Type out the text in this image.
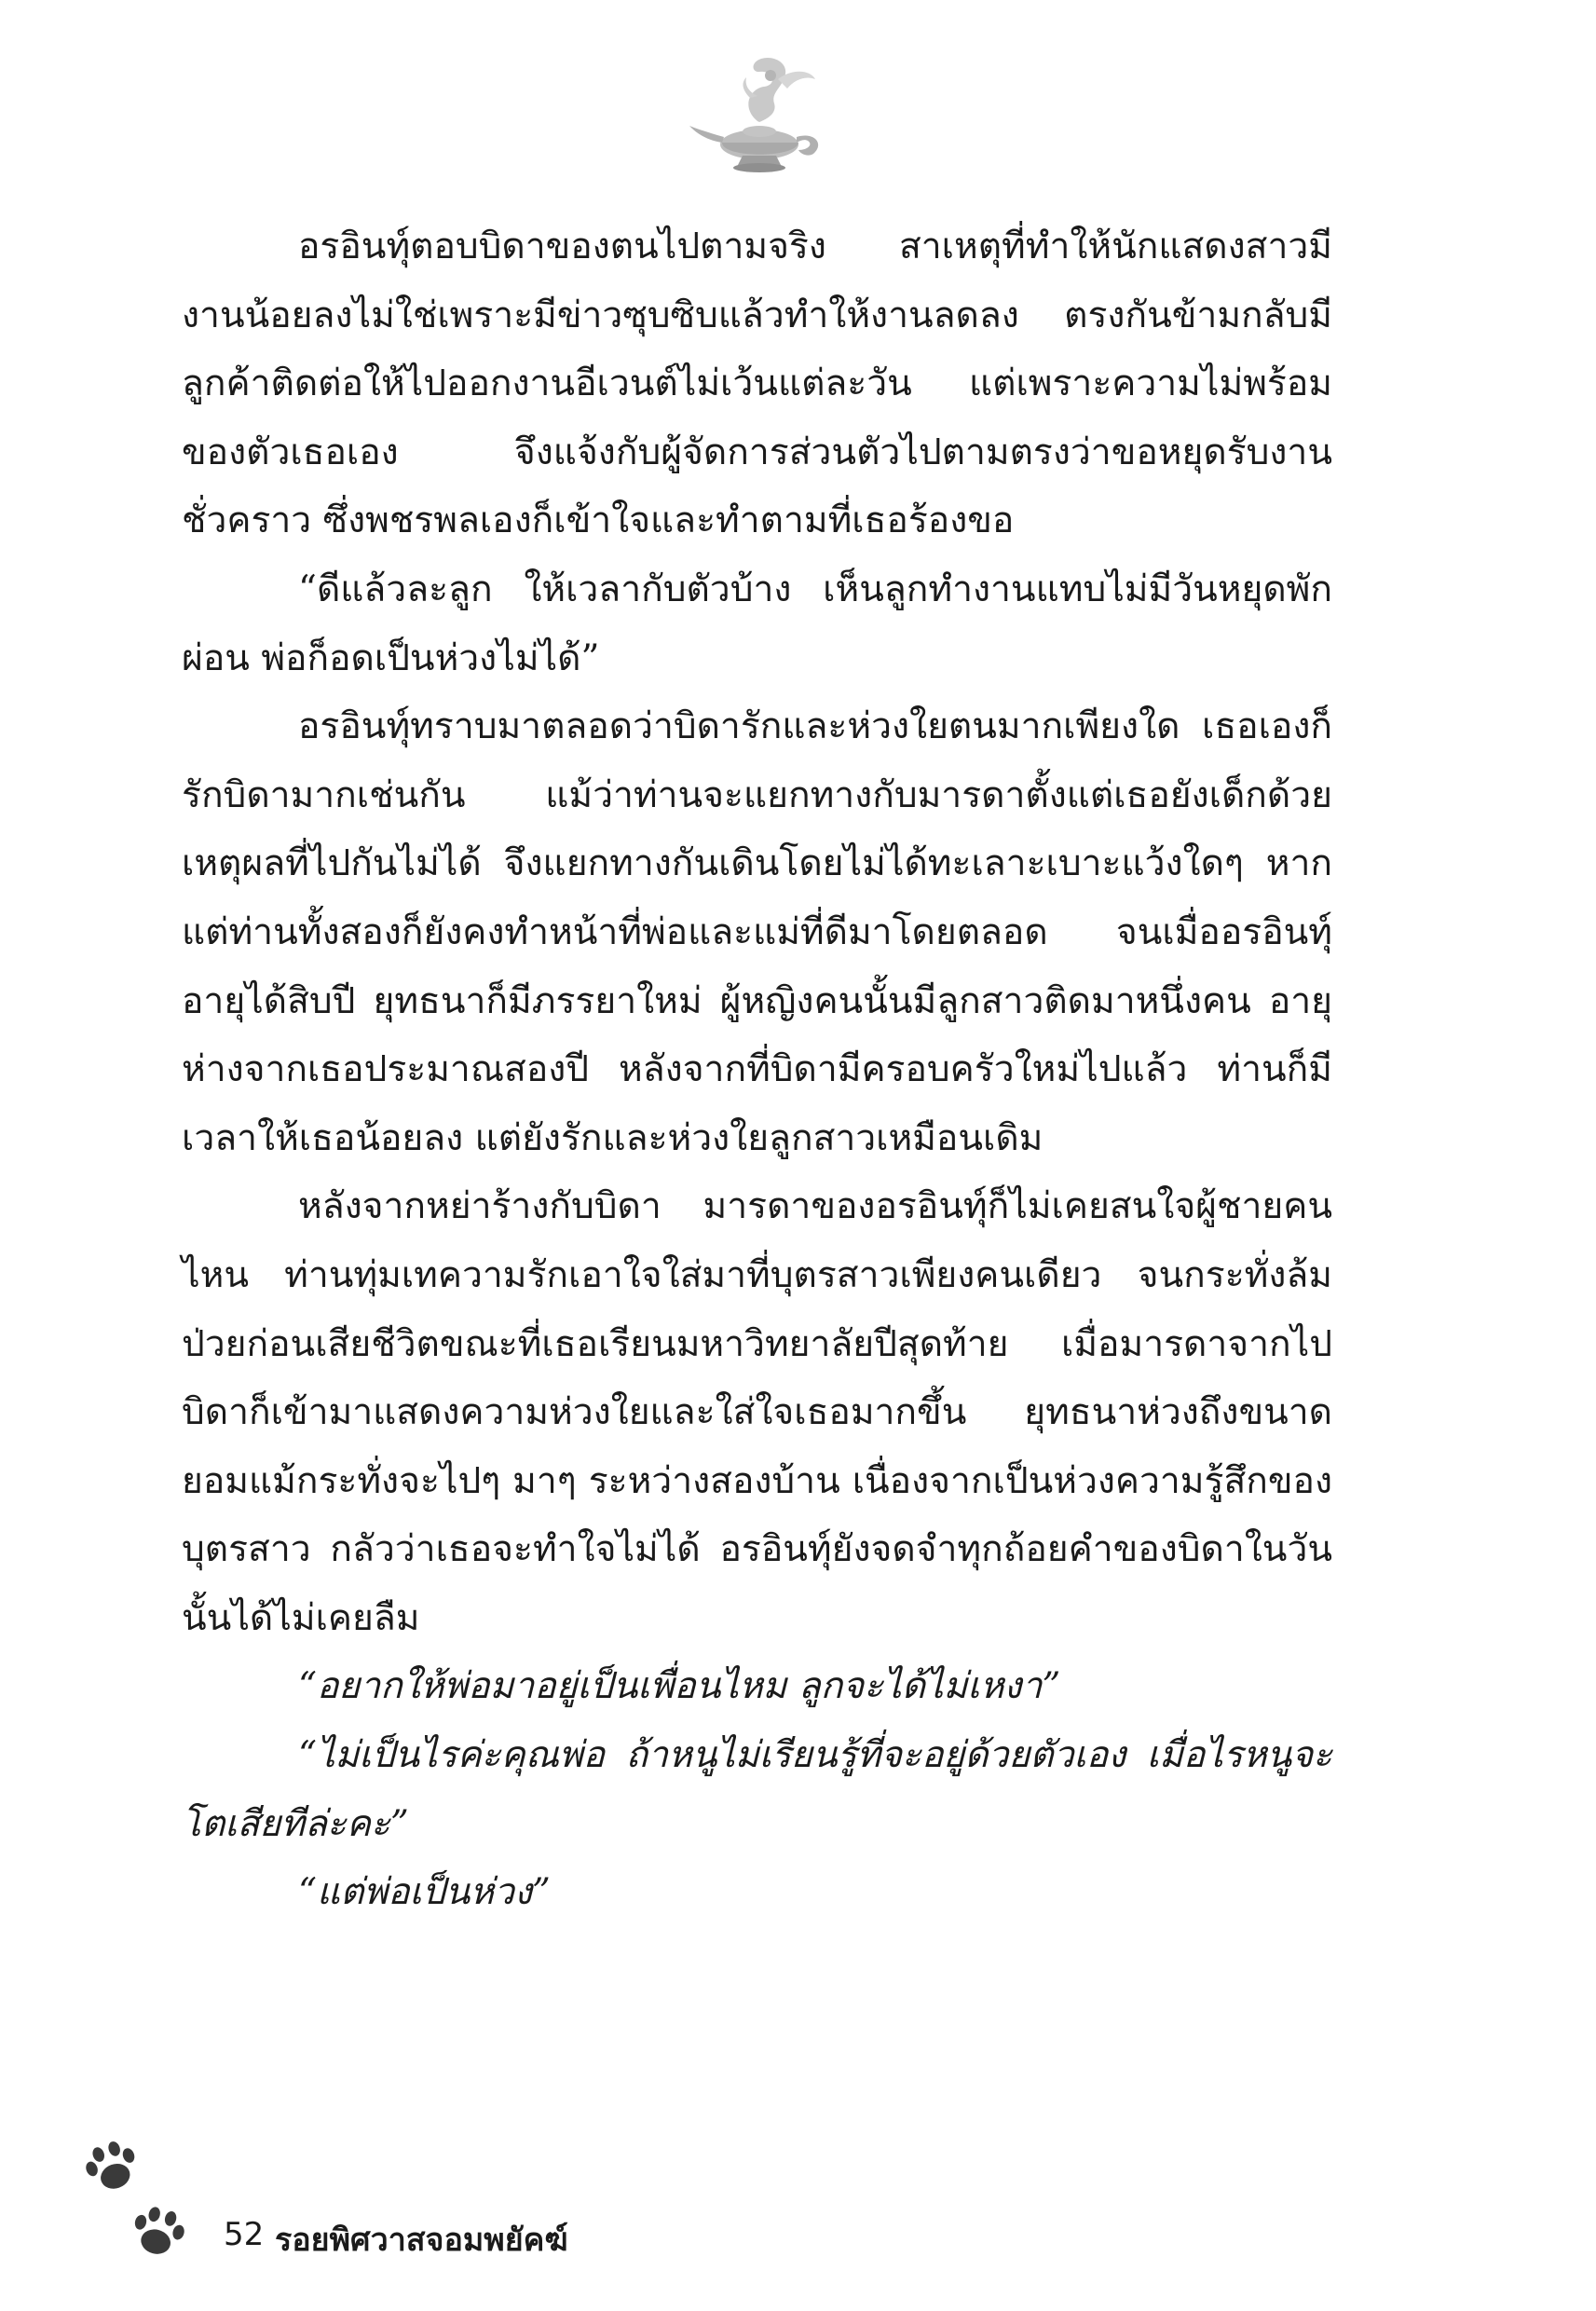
อรอินทุ์ตอบบิดาของตนไปตามจริง สาเหตุที่ทำให้นักแสดงสาวมีงานน้อยลงไม่ใช่เพราะมีข่าวซุบซิบแล้วทำให้งานลดลง ตรงกันข้ามกลับมีลูกค้าติดต่อให้ไปออกงานอีเวนต์ไม่เว้นแต่ละวัน แต่เพราะความไม่พร้อมของตัวเธอเอง จึงแจ้งกับผู้จัดการส่วนตัวไปตามตรงว่าขอหยุดรับงานชั่วคราว ซึ่งพชรพลเองก็เข้าใจและทำตามที่เธอร้องขอ

“ดีแล้วละลูก ให้เวลากับตัวบ้าง เห็นลูกทำงานแทบไม่มีวันหยุดพักผ่อน พ่อก็อดเป็นห่วงไม่ได้”

อรอินทุ์ทราบมาตลอดว่าบิดารักและห่วงใยตนมากเพียงใด เธอเองก็รักบิดามากเช่นกัน แม้ว่าท่านจะแยกทางกับมารดาตั้งแต่เธอยังเด็กด้วยเหตุผลที่ไปกันไม่ได้ จึงแยกทางกันเดินโดยไม่ได้ทะเลาะเบาะแว้งใดๆ หากแต่ท่านทั้งสองก็ยังคงทำหน้าที่พ่อและแม่ที่ดีมาโดยตลอด จนเมื่ออรอินทุ์อายุได้สิบปี ยุทธนาก็มีภรรยาใหม่ ผู้หญิงคนนั้นมีลูกสาวติดมาหนึ่งคน อายุห่างจากเธอประมาณสองปี หลังจากที่บิดามีครอบครัวใหม่ไปแล้ว ท่านก็มีเวลาให้เธอน้อยลง แต่ยังรักและห่วงใยลูกสาวเหมือนเดิม

หลังจากหย่าร้างกับบิดา มารดาของอรอินทุ์ก็ไม่เคยสนใจผู้ชายคนไหน ท่านทุ่มเทความรักเอาใจใส่มาที่บุตรสาวเพียงคนเดียว จนกระทั่งล้มป่วยก่อนเสียชีวิตขณะที่เธอเรียนมหาวิทยาลัยปีสุดท้าย เมื่อมารดาจากไป บิดาก็เข้ามาแสดงความห่วงใยและใส่ใจเธอมากขึ้น ยุทธนาห่วงถึงขนาดยอมแม้กระทั่งจะไปๆ มาๆ ระหว่างสองบ้าน เนื่องจากเป็นห่วงความรู้สึกของบุตรสาว กลัวว่าเธอจะทำใจไม่ได้ อรอินทุ์ยังจดจำทุกถ้อยคำของบิดาในวันนั้นได้ไม่เคยลืม

“อยากให้พ่อมาอยู่เป็นเพื่อนไหม ลูกจะได้ไม่เหงา”

“ไม่เป็นไรค่ะคุณพ่อ ถ้าหนูไม่เรียนรู้ที่จะอยู่ด้วยตัวเอง เมื่อไรหนูจะโตเสียทีล่ะคะ”

“แต่พ่อเป็นห่วง”

52 รอยพิศวาสจอมพยัคฆ์
